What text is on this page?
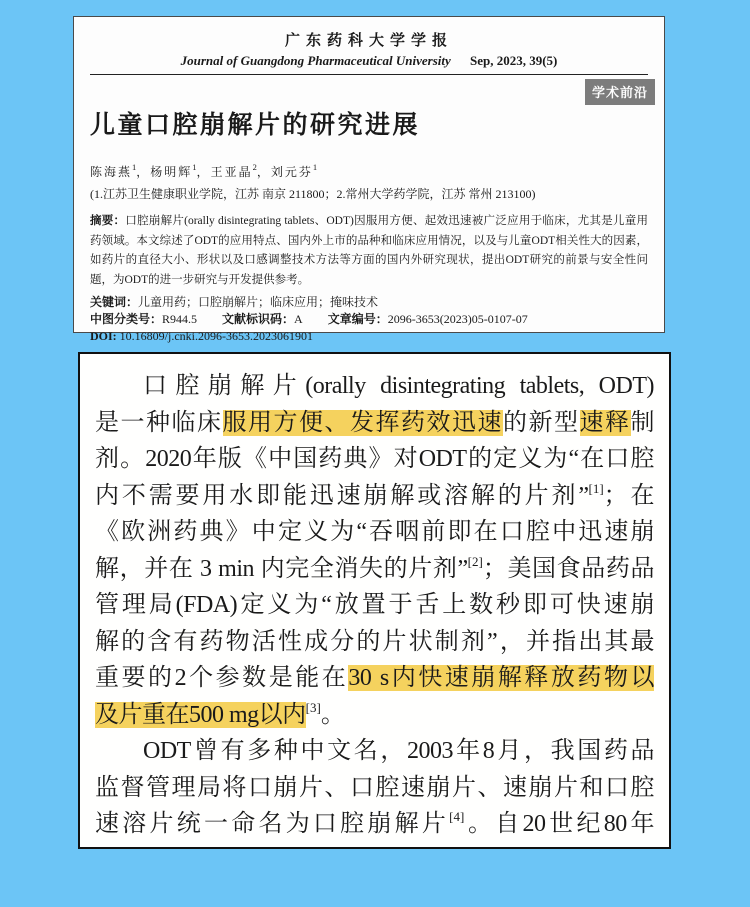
广东药科大学学报
Journal of Guangdong Pharmaceutical University Sep, 2023, 39(5)
学术前沿
儿童口腔崩解片的研究进展
陈海燕$^1$，杨明辉$^1$，王亚晶$^2$，刘元芬$^1$
(1.江苏卫生健康职业学院，江苏 南京 211800；2.常州大学药学院，江苏 常州 213100)
摘要：口腔崩解片(orally disintegrating tablets、ODT)因服用方便、起效迅速被广泛应用于临床，尤其是儿童用药领域。本文综述了ODT的应用特点、国内外上市的品种和临床应用情况，以及与儿童ODT相关性大的因素，如药片的直径大小、形状以及口感调整技术方法等方面的国内外研究现状，提出ODT研究的前景与安全性问题，为ODT的进一步研究与开发提供参考。
关键词：儿童用药；口腔崩解片；临床应用；掩味技术
中图分类号：R944.5 文献标识码：A 文章编号：2096-3653(2023)05-0107-07
DOI: 10.16809/j.cnki.2096-3653.2023061901
口腔崩解片(orally disintegrating tablets, ODT)
是一种临床服用方便、发挥药效迅速的新型速释制
剂。2020年版《中国药典》对ODT的定义为“在口腔
内不需要用水即能迅速崩解或溶解的片剂”[1]；在
《欧洲药典》中定义为“吞咽前即在口腔中迅速崩
解，并在 3 min 内完全消失的片剂”[2]；美国食品药品
管理局(FDA)定义为“放置于舌上数秒即可快速崩
解的含有药物活性成分的片状制剂”，并指出其最
重要的2个参数是能在30 s内快速崩解释放药物以
及片重在500 mg以内[3]。
ODT曾有多种中文名，2003年8月，我国药品
监督管理局将口崩片、口腔速崩片、速崩片和口腔
速溶片统一命名为口腔崩解片[4]。自20世纪80年
